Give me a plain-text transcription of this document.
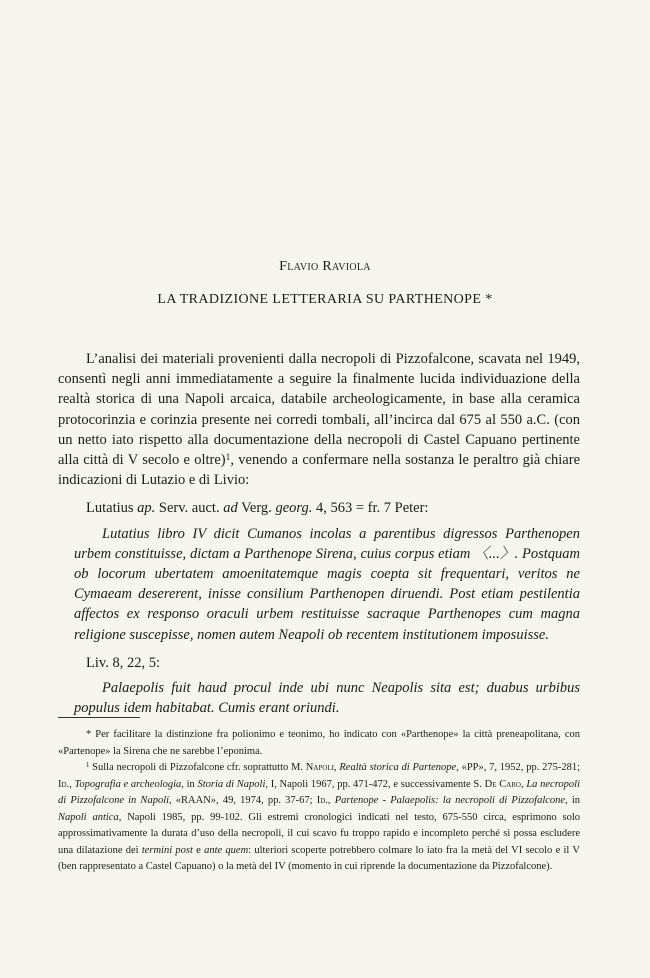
Flavio Raviola
LA TRADIZIONE LETTERARIA SU PARTHENOPE *

L’analisi dei materiali provenienti dalla necropoli di Pizzofalcone, scavata nel 1949, consentì negli anni immediatamente a seguire la finalmente lucida individuazione della realtà storica di una Napoli arcaica, databile archeologicamente, in base alla ceramica protocorinzia e corinzia presente nei corredi tombali, all’incirca dal 675 al 550 a.C. (con un netto iato rispetto alla documentazione della necropoli di Castel Capuano pertinente alla città di V secolo e oltre)$^1$, venendo a confermare nella sostanza le peraltro già chiare indicazioni di Lutazio e di Livio:

Lutatius ap. Serv. auct. ad Verg. georg. 4, 563 = fr. 7 Peter:

Lutatius libro IV dicit Cumanos incolas a parentibus digressos Parthenopen urbem constituisse, dictam a Parthenope Sirena, cuius corpus etiam 〈...〉. Postquam ob locorum ubertatem amoenitatemque magis coepta sit frequentari, veritos ne Cymaeam desererent, inisse consilium Parthenopen diruendi. Post etiam pestilentia affectos ex responso oraculi urbem restituisse sacraque Parthenopes cum magna religione suscepisse, nomen autem Neapoli ob recentem institutionem imposuisse.

Liv. 8, 22, 5:

Palaepolis fuit haud procul inde ubi nunc Neapolis sita est; duabus urbibus populus idem habitabat. Cumis erant oriundi.

* Per facilitare la distinzione fra polionimo e teonimo, ho indicato con «Parthenope» la città preneapolitana, con «Partenope» la Sirena che ne sarebbe l’eponima.

$^1$ Sulla necropoli di Pizzofalcone cfr. soprattutto M. Napoli, Realtà storica di Partenope, «PP», 7, 1952, pp. 275-281; Id., Topografia e archeologia, in Storia di Napoli, I, Napoli 1967, pp. 471-472, e successivamente S. De Caro, La necropoli di Pizzofalcone in Napoli, «RAAN», 49, 1974, pp. 37-67; Id., Partenope - Palaepolis: la necropoli di Pizzofalcone, in Napoli antica, Napoli 1985, pp. 99-102. Gli estremi cronologici indicati nel testo, 675-550 circa, esprimono solo approssimativamente la durata d’uso della necropoli, il cui scavo fu troppo rapido e incompleto perché si possa escludere una dilatazione dei termini post e ante quem: ulteriori scoperte potrebbero colmare lo iato fra la metà del VI secolo e il V (ben rappresentato a Castel Capuano) o la metà del IV (momento in cui riprende la documentazione da Pizzofalcone).
